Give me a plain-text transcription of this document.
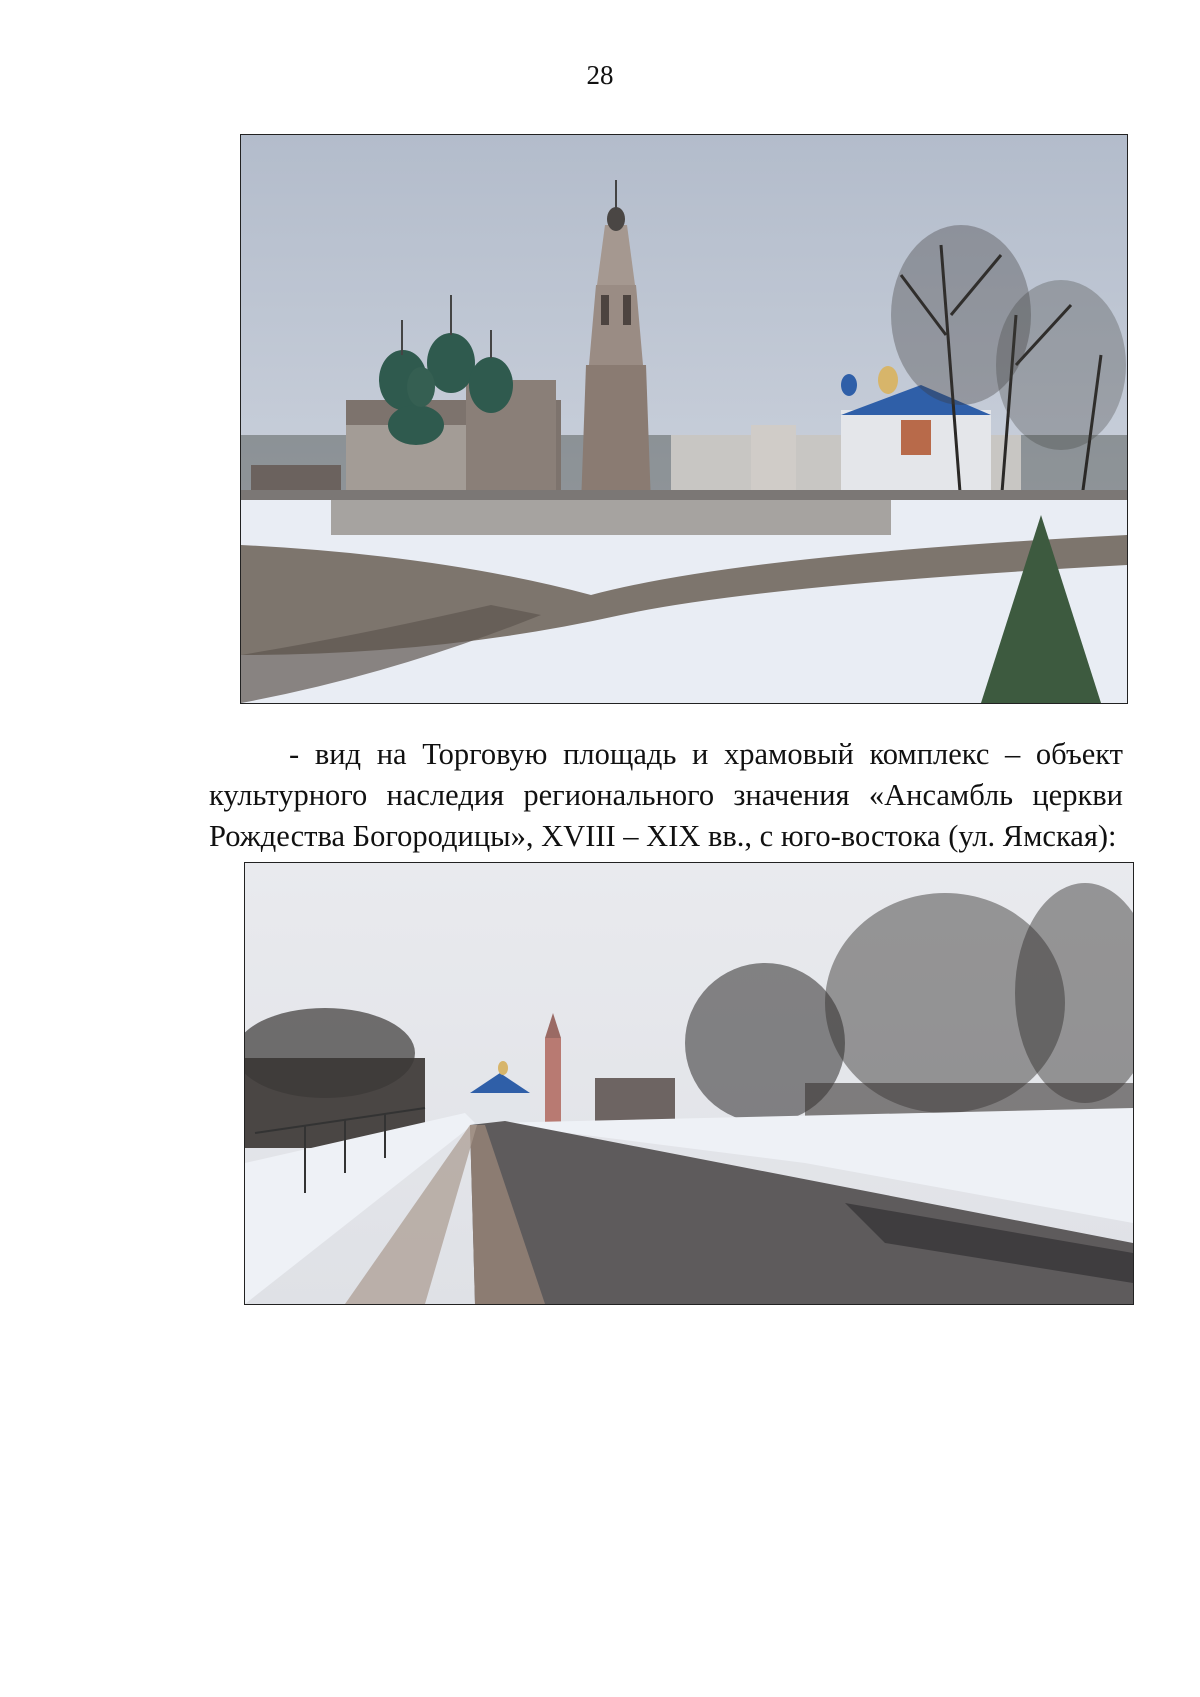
28
- вид на Торговую площадь и храмовый комплекс – объект культурного наследия регионального значения «Ансамбль церкви Рождества Богородицы», XVIII – XIX вв., с юго-востока (ул. Ямская):
